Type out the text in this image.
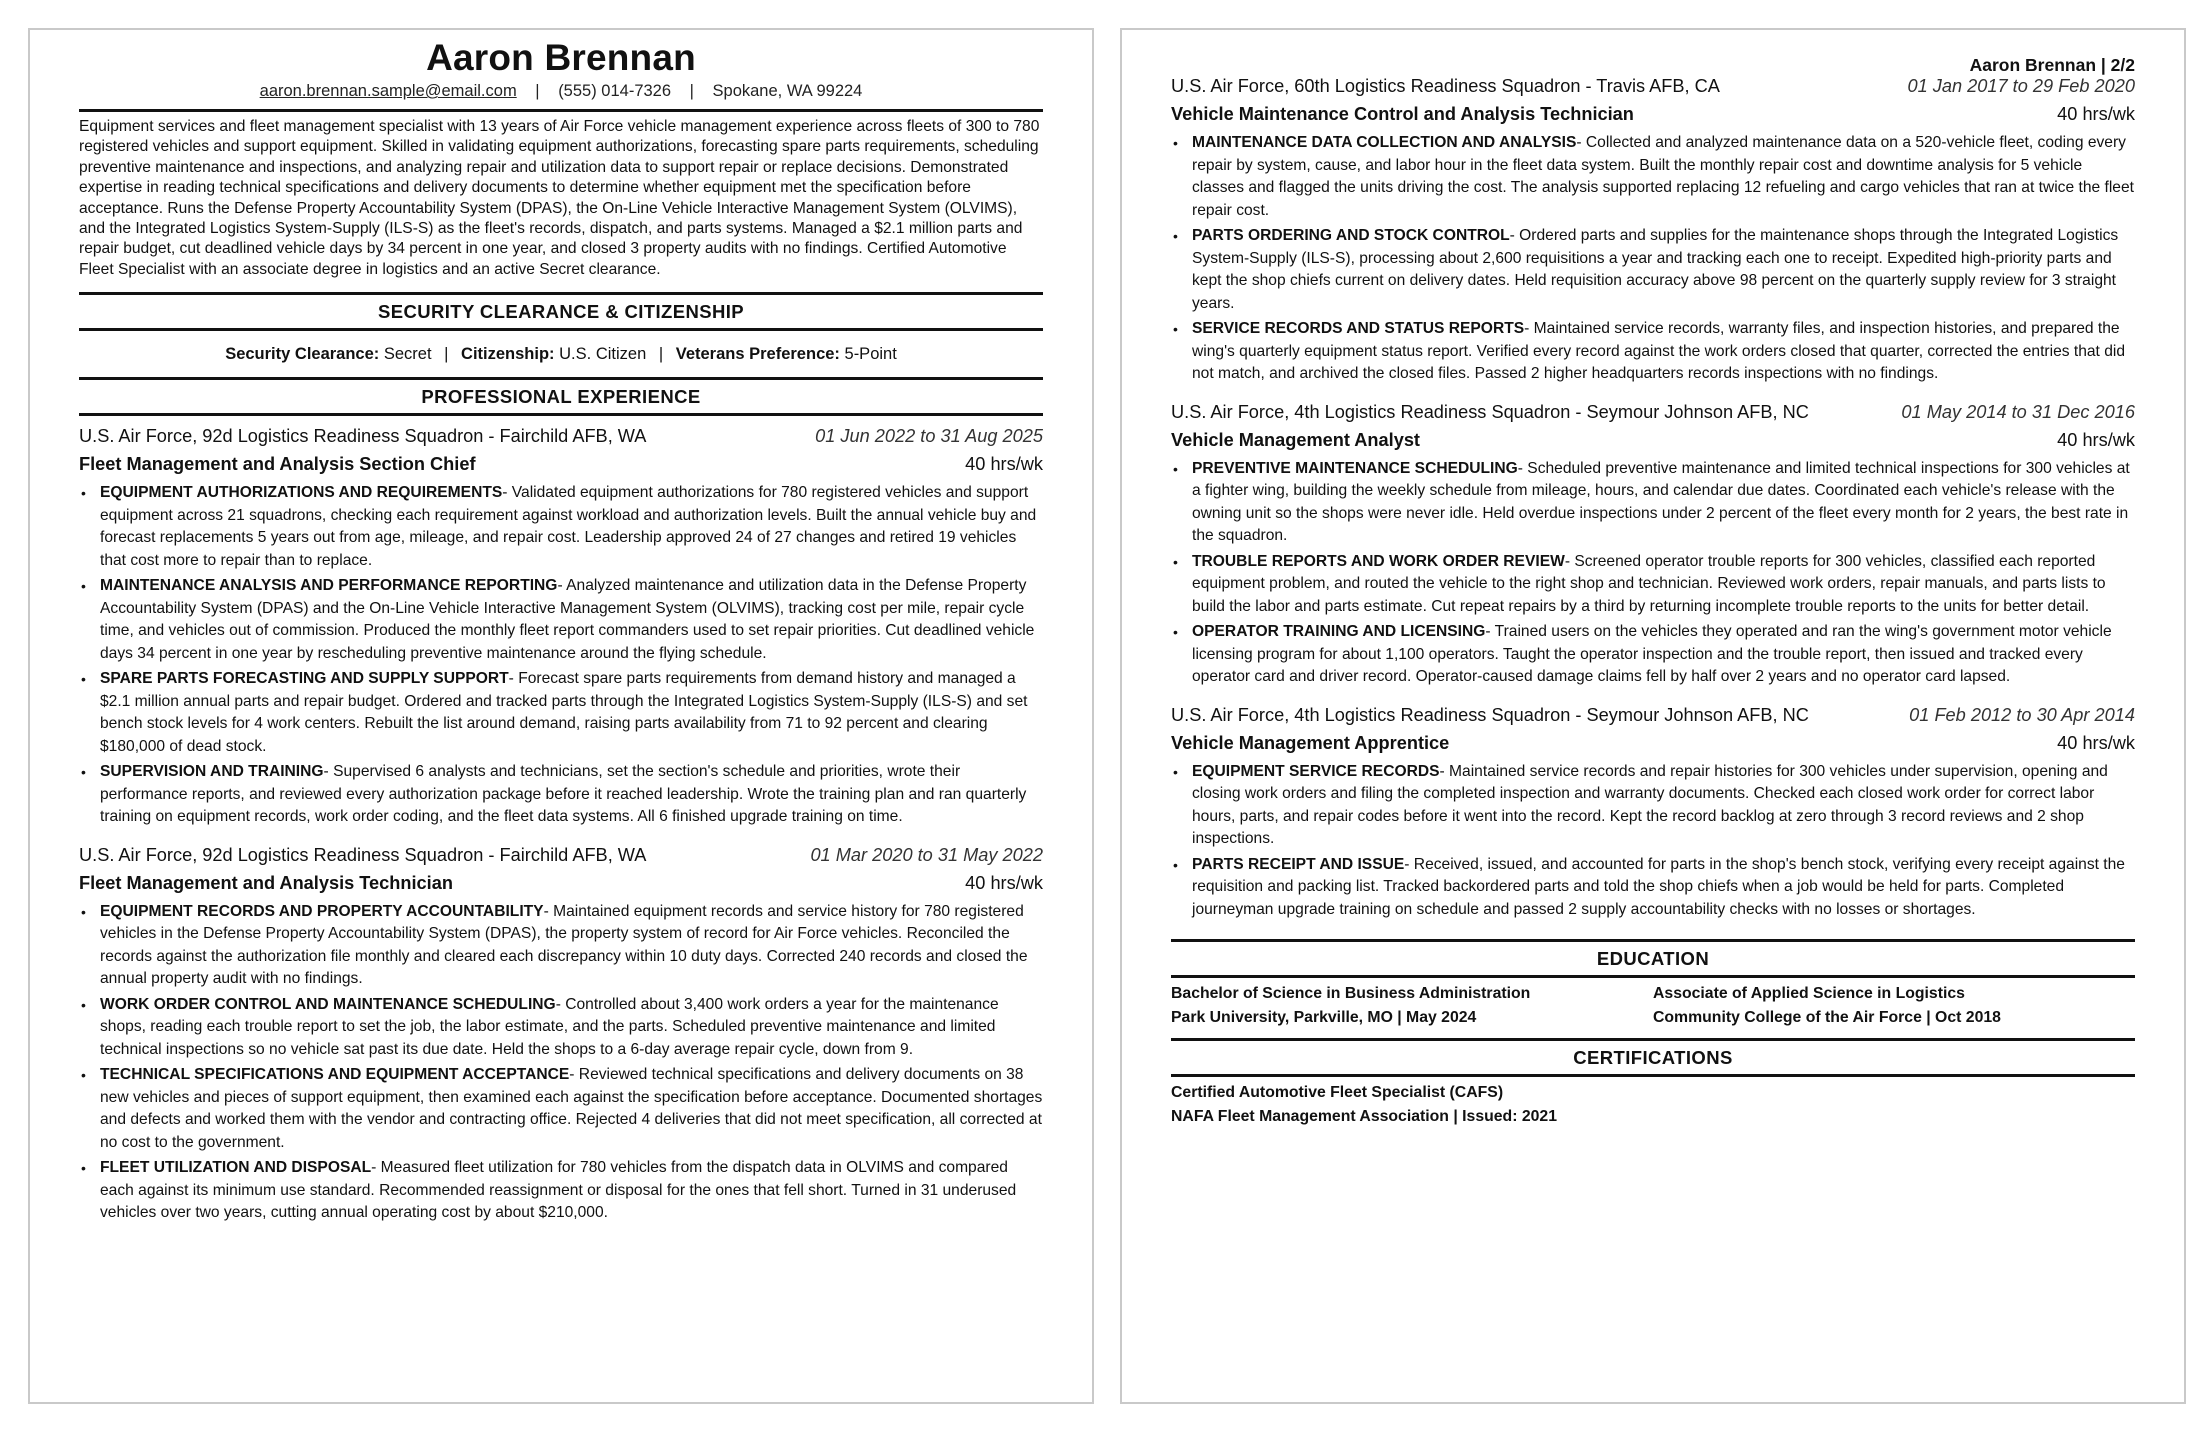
Aaron Brennan
aaron.brennan.sample@email.com | (555) 014-7326 | Spokane, WA 99224
Equipment services and fleet management specialist with 13 years of Air Force vehicle management experience across fleets of 300 to 780 registered vehicles and support equipment. Skilled in validating equipment authorizations, forecasting spare parts requirements, scheduling preventive maintenance and inspections, and analyzing repair and utilization data to support repair or replace decisions. Demonstrated expertise in reading technical specifications and delivery documents to determine whether equipment met the specification before acceptance. Runs the Defense Property Accountability System (DPAS), the On-Line Vehicle Interactive Management System (OLVIMS), and the Integrated Logistics System-Supply (ILS-S) as the fleet's records, dispatch, and parts systems. Managed a $2.1 million parts and repair budget, cut deadlined vehicle days by 34 percent in one year, and closed 3 property audits with no findings. Certified Automotive Fleet Specialist with an associate degree in logistics and an active Secret clearance.
SECURITY CLEARANCE & CITIZENSHIP
Security Clearance: Secret | Citizenship: U.S. Citizen | Veterans Preference: 5-Point
PROFESSIONAL EXPERIENCE
U.S. Air Force, 92d Logistics Readiness Squadron - Fairchild AFB, WA	01 Jun 2022 to 31 Aug 2025
Fleet Management and Analysis Section Chief	40 hrs/wk
• EQUIPMENT AUTHORIZATIONS AND REQUIREMENTS- Validated equipment authorizations for 780 registered vehicles and support equipment across 21 squadrons, checking each requirement against workload and authorization levels. Built the annual vehicle buy and forecast replacements 5 years out from age, mileage, and repair cost. Leadership approved 24 of 27 changes and retired 19 vehicles that cost more to repair than to replace.
• MAINTENANCE ANALYSIS AND PERFORMANCE REPORTING- Analyzed maintenance and utilization data in the Defense Property Accountability System (DPAS) and the On-Line Vehicle Interactive Management System (OLVIMS), tracking cost per mile, repair cycle time, and vehicles out of commission. Produced the monthly fleet report commanders used to set repair priorities. Cut deadlined vehicle days 34 percent in one year by rescheduling preventive maintenance around the flying schedule.
• SPARE PARTS FORECASTING AND SUPPLY SUPPORT- Forecast spare parts requirements from demand history and managed a $2.1 million annual parts and repair budget. Ordered and tracked parts through the Integrated Logistics System-Supply (ILS-S) and set bench stock levels for 4 work centers. Rebuilt the list around demand, raising parts availability from 71 to 92 percent and clearing $180,000 of dead stock.
• SUPERVISION AND TRAINING- Supervised 6 analysts and technicians, set the section's schedule and priorities, wrote their performance reports, and reviewed every authorization package before it reached leadership. Wrote the training plan and ran quarterly training on equipment records, work order coding, and the fleet data systems. All 6 finished upgrade training on time.
U.S. Air Force, 92d Logistics Readiness Squadron - Fairchild AFB, WA	01 Mar 2020 to 31 May 2022
Fleet Management and Analysis Technician	40 hrs/wk
• EQUIPMENT RECORDS AND PROPERTY ACCOUNTABILITY- Maintained equipment records and service history for 780 registered vehicles in the Defense Property Accountability System (DPAS), the property system of record for Air Force vehicles. Reconciled the records against the authorization file monthly and cleared each discrepancy within 10 duty days. Corrected 240 records and closed the annual property audit with no findings.
• WORK ORDER CONTROL AND MAINTENANCE SCHEDULING- Controlled about 3,400 work orders a year for the maintenance shops, reading each trouble report to set the job, the labor estimate, and the parts. Scheduled preventive maintenance and limited technical inspections so no vehicle sat past its due date. Held the shops to a 6-day average repair cycle, down from 9.
• TECHNICAL SPECIFICATIONS AND EQUIPMENT ACCEPTANCE- Reviewed technical specifications and delivery documents on 38 new vehicles and pieces of support equipment, then examined each against the specification before acceptance. Documented shortages and defects and worked them with the vendor and contracting office. Rejected 4 deliveries that did not meet specification, all corrected at no cost to the government.
• FLEET UTILIZATION AND DISPOSAL- Measured fleet utilization for 780 vehicles from the dispatch data in OLVIMS and compared each against its minimum use standard. Recommended reassignment or disposal for the ones that fell short. Turned in 31 underused vehicles over two years, cutting annual operating cost by about $210,000.
Aaron Brennan | 2/2
U.S. Air Force, 60th Logistics Readiness Squadron - Travis AFB, CA	01 Jan 2017 to 29 Feb 2020
Vehicle Maintenance Control and Analysis Technician	40 hrs/wk
• MAINTENANCE DATA COLLECTION AND ANALYSIS- Collected and analyzed maintenance data on a 520-vehicle fleet, coding every repair by system, cause, and labor hour in the fleet data system. Built the monthly repair cost and downtime analysis for 5 vehicle classes and flagged the units driving the cost. The analysis supported replacing 12 refueling and cargo vehicles that ran at twice the fleet repair cost.
• PARTS ORDERING AND STOCK CONTROL- Ordered parts and supplies for the maintenance shops through the Integrated Logistics System-Supply (ILS-S), processing about 2,600 requisitions a year and tracking each one to receipt. Expedited high-priority parts and kept the shop chiefs current on delivery dates. Held requisition accuracy above 98 percent on the quarterly supply review for 3 straight years.
• SERVICE RECORDS AND STATUS REPORTS- Maintained service records, warranty files, and inspection histories, and prepared the wing's quarterly equipment status report. Verified every record against the work orders closed that quarter, corrected the entries that did not match, and archived the closed files. Passed 2 higher headquarters records inspections with no findings.
U.S. Air Force, 4th Logistics Readiness Squadron - Seymour Johnson AFB, NC	01 May 2014 to 31 Dec 2016
Vehicle Management Analyst	40 hrs/wk
• PREVENTIVE MAINTENANCE SCHEDULING- Scheduled preventive maintenance and limited technical inspections for 300 vehicles at a fighter wing, building the weekly schedule from mileage, hours, and calendar due dates. Coordinated each vehicle's release with the owning unit so the shops were never idle. Held overdue inspections under 2 percent of the fleet every month for 2 years, the best rate in the squadron.
• TROUBLE REPORTS AND WORK ORDER REVIEW- Screened operator trouble reports for 300 vehicles, classified each reported equipment problem, and routed the vehicle to the right shop and technician. Reviewed work orders, repair manuals, and parts lists to build the labor and parts estimate. Cut repeat repairs by a third by returning incomplete trouble reports to the units for better detail.
• OPERATOR TRAINING AND LICENSING- Trained users on the vehicles they operated and ran the wing's government motor vehicle licensing program for about 1,100 operators. Taught the operator inspection and the trouble report, then issued and tracked every operator card and driver record. Operator-caused damage claims fell by half over 2 years and no operator card lapsed.
U.S. Air Force, 4th Logistics Readiness Squadron - Seymour Johnson AFB, NC	01 Feb 2012 to 30 Apr 2014
Vehicle Management Apprentice	40 hrs/wk
• EQUIPMENT SERVICE RECORDS- Maintained service records and repair histories for 300 vehicles under supervision, opening and closing work orders and filing the completed inspection and warranty documents. Checked each closed work order for correct labor hours, parts, and repair codes before it went into the record. Kept the record backlog at zero through 3 record reviews and 2 shop inspections.
• PARTS RECEIPT AND ISSUE- Received, issued, and accounted for parts in the shop's bench stock, verifying every receipt against the requisition and packing list. Tracked backordered parts and told the shop chiefs when a job would be held for parts. Completed journeyman upgrade training on schedule and passed 2 supply accountability checks with no losses or shortages.
EDUCATION
Bachelor of Science in Business Administration
Park University, Parkville, MO | May 2024
Associate of Applied Science in Logistics
Community College of the Air Force | Oct 2018
CERTIFICATIONS
Certified Automotive Fleet Specialist (CAFS)
NAFA Fleet Management Association | Issued: 2021
